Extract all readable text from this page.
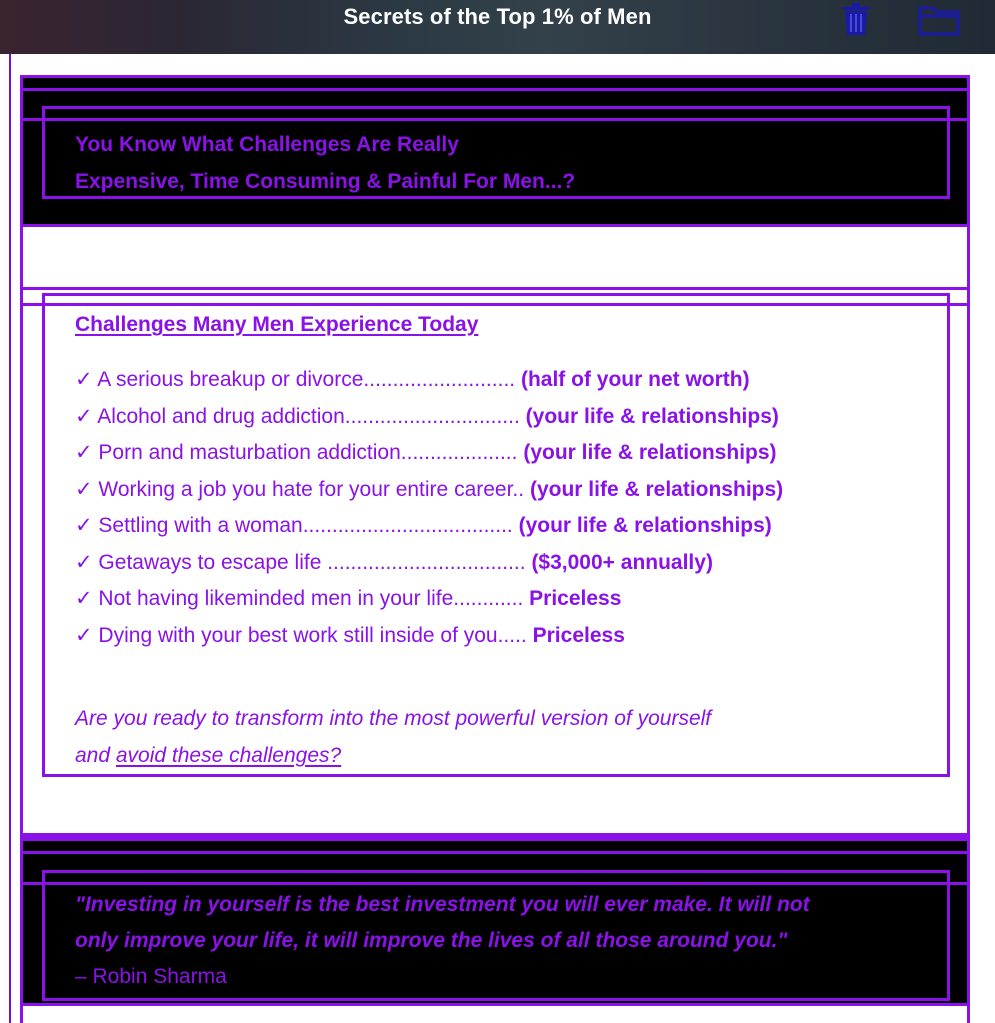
Secrets of the Top 1% of Men
You Know What Challenges Are Really
Expensive, Time Consuming & Painful For Men...?
Challenges Many Men Experience Today
✓ A serious breakup or divorce.......................... (half of your net worth)
✓ Alcohol and drug addiction.............................. (your life & relationships)
✓ Porn and masturbation addiction.................... (your life & relationships)
✓ Working a job you hate for your entire career.. (your life & relationships)
✓ Settling with a woman.................................... (your life & relationships)
✓ Getaways to escape life .................................. ($3,000+ annually)
✓ Not having likeminded men in your life............ Priceless
✓ Dying with your best work still inside of you..... Priceless
Are you ready to transform into the most powerful version of yourself
and avoid these challenges?
"Investing in yourself is the best investment you will ever make. It will not
only improve your life, it will improve the lives of all those around you."
– Robin Sharma
